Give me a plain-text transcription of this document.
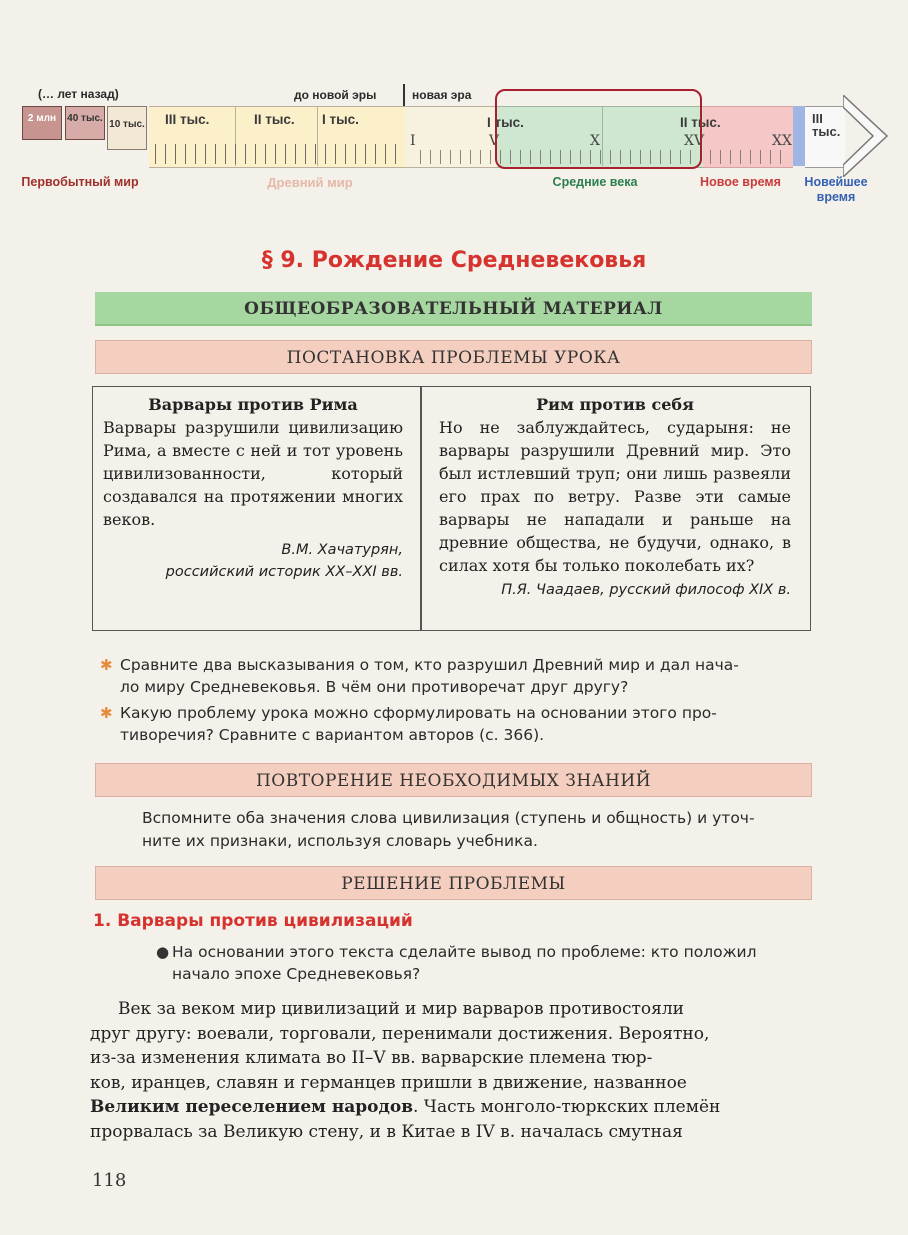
(… лет назад)	до новой эры	новая эра
2 млн	40 тыс.
10 тыс. III тыс.	II тыс. I тыс.	I тыс.	II тыс.	III тыс.
I	V	X	XV	XX
Первобытный мир	Древний мир	Средние века	Новое время	Новейшее время
§ 9. Рождение Средневековья
ОБЩЕОБРАЗОВАТЕЛЬНЫЙ МАТЕРИАЛ
ПОСТАНОВКА ПРОБЛЕМЫ УРОКА
Варвары против Рима
Варвары разрушили цивилизацию Рима, а вместе с ней и тот уровень цивилизованности, который создавался на протяжении многих веков.
В.М. Хачатурян,
российский историк XX–XXI вв.
Рим против себя
Но не заблуждайтесь, сударыня: не варвары разрушили Древний мир. Это был истлевший труп; они лишь развеяли его прах по ветру. Разве эти самые варвары не нападали и раньше на древние общества, не будучи, однако, в силах хотя бы только поколебать их?
П.Я. Чаадаев, русский философ XIX в.
✱ Сравните два высказывания о том, кто разрушил Древний мир и дал нача-
ло миру Средневековья. В чём они противоречат друг другу?
✱ Какую проблему урока можно сформулировать на основании этого про-
тиворечия? Сравните с вариантом авторов (с. 366).
ПОВТОРЕНИЕ НЕОБХОДИМЫХ ЗНАНИЙ
Вспомните оба значения слова цивилизация (ступень и общность) и уточ-
ните их признаки, используя словарь учебника.
РЕШЕНИЕ ПРОБЛЕМЫ
1. Варвары против цивилизаций
● На основании этого текста сделайте вывод по проблеме: кто положил
начало эпохе Средневековья?
Век за веком мир цивилизаций и мир варваров противостояли
друг другу: воевали, торговали, перенимали достижения. Вероятно,
из-за изменения климата во II–V вв. варварские племена тюр-
ков, иранцев, славян и германцев пришли в движение, названное
Великим переселением народов. Часть монголо-тюркских племён
прорвалась за Великую стену, и в Китае в IV в. началась смутная
118
